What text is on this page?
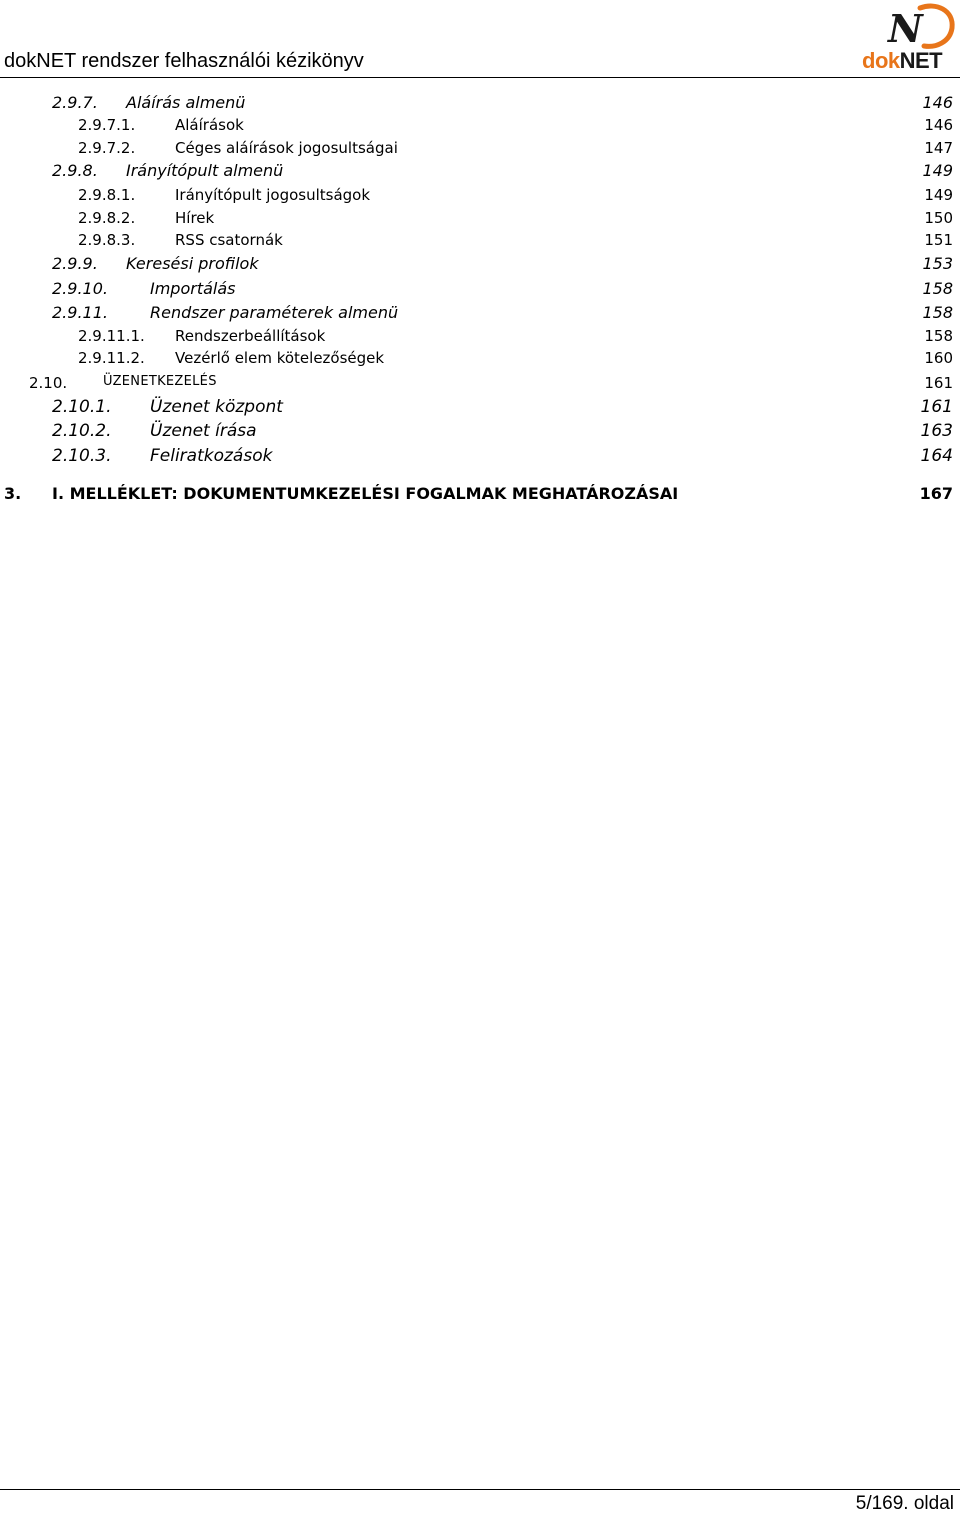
dokNET rendszer felhasználói kézikönyv
N
dokNET
2.9.7. Aláírás almenü	146
2.9.7.1.	Aláírások	146
2.9.7.2.	Céges aláírások jogosultságai	147
2.9.8. Irányítópult almenü	149
2.9.8.1.	Irányítópult jogosultságok	149
2.9.8.2.	Hírek	150
2.9.8.3.	RSS csatornák	151
2.9.9. Keresési profilok	153
2.9.10.	Importálás	158
2.9.11.	Rendszer paraméterek almenü	158
2.9.11.1. Rendszerbeállítások	158
2.9.11.2. Vezérlő elem kötelezőségek	160
2.10.	ÜZENETKEZELÉS	161
2.10.1. Üzenet központ	161
2.10.2. Üzenet írása	163
2.10.3. Feliratkozások	164
3. I. MELLÉKLET: DOKUMENTUMKEZELÉSI FOGALMAK MEGHATÁROZÁSAI	167
5/169. oldal
